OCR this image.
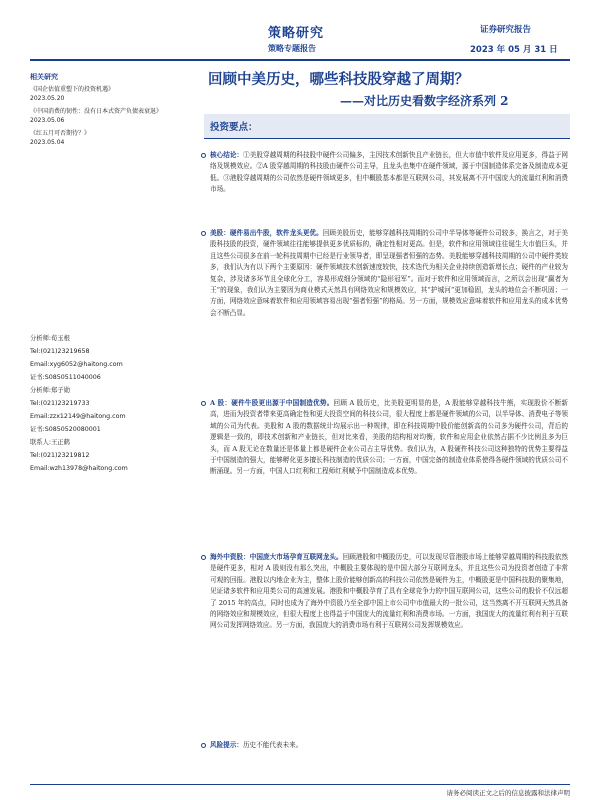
策略研究
策略专题报告
证券研究报告
2023 年 05 月 31 日
相关研究
《国企估值重塑下的投资机遇》
2023.05.20
《中国消费的韧性：没有日本式资产负债表衰退》
2023.05.06
《红五月可否期待？》
2023.05.04
分析师:荀玉根
Tel:(021)23219658
Email:xyg6052@haitong.com
证书:S0850511040006
分析师:郑子勋
Tel:(021)23219733
Email:zzx12149@haitong.com
证书:S0850520080001
联系人:王正鹤
Tel:(021)23219812
Email:wzh13978@haitong.com
回顾中美历史，哪些科技股穿越了周期？
——对比历史看数字经济系列 2
投资要点：
核心结论：①美股穿越周期的科技股中硬件公司偏多，主因技术创新快且产业链长，但大市值中软件及应用更多，得益于网络及规模效应。②A 股穿越周期的科技股由硬件公司主导，且龙头也集中在硬件领域，源于中国制造体系完备及制造成本更低。③港股穿越周期的公司依然是硬件领域更多，但中概股基本都是互联网公司，其发展离不开中国庞大的流量红利和消费市场。
美股：硬件易出牛股，软件龙头更优。回顾美股历史，能够穿越科技周期的公司中半导体等硬件公司较多，换言之，对于美股科技股的投资，硬件领域往往能够提供更多优质标的，确定性相对更高。但是，软件和应用领域往往诞生大市值巨头，并且这些公司很多在前一轮科技周期中已经是行业领导者，即呈现强者恒强的态势。美股能够穿越科技周期的公司中硬件类较多，我们认为有以下两个主要原因：硬件领域技术创新速度较快，技术迭代为相关企业持续创造新增长点；硬件的产业较为复杂，涉及诸多环节且全球化分工，容易形成细分领域的“隐形冠军”。而对于软件和应用领域而言，之所以会出现“赢者为王”的现象，我们认为主要因为商业模式天然具有网络效应和规模效应，其“护城河”更加稳固，龙头的地位会不断巩固；一方面，网络效应意味着软件和应用领域容易出现“强者恒强”的格局。另一方面，规模效应意味着软件和应用龙头的成本优势会不断凸显。
A 股：硬件牛股更出源于中国制造优势。回顾 A 股历史，比美股更明显的是，A 股能够穿越科技牛熊，实现股价不断新高，进而为投资者带来更高确定性和更大投资空间的科技公司，很大程度上都是硬件领域的公司，以半导体、消费电子等领域的公司为代表。美股和 A 股的数据统计均展示出一种规律，即在科技周期中股价能创新高的公司多为硬件公司，背后的逻辑是一致的，即技术创新和产业链长，但对比来看，美股的结构相对均衡，软件和应用企业依然占据不少比例且多为巨头，而 A 股无论在数量还是体量上都是硬件企业公司占主导优势。我们认为，A 股硬件科技公司这种独特的优势主要得益于中国制造的强大，能够孵化更多擅长科技制造的优质公司；一方面，中国完备的制造业体系使得各硬件领域的优质公司不断涌现。另一方面，中国人口红利和工程师红利赋予中国制造成本优势。
海外中资股：中国庞大市场孕育互联网龙头。回顾港股和中概股历史，可以发现尽管港股市场上能够穿越周期的科技股依然是硬件更多，相对 A 股则没有那么突出，中概股主要体现的是中国大部分互联网龙头，并且这些公司为投资者创造了非常可观的回报。港股以内地企业为主，整体上股价能够创新高的科技公司依然是硬件为主，中概股更是中国科技股的聚集地，见证诸多软件和应用类公司的高速发展。港股和中概股孕育了具有全球竞争力的中国互联网公司，这些公司的股价不仅远超了 2015 年的高点，同时也成为了海外中资股乃至全部中国上市公司中市值最大的一批公司，这当然离不开互联网天然具备的网络效应和规模效应，但很大程度上也得益于中国庞大的流量红利和消费市场。一方面，我国庞大的流量红利有利于互联网公司发挥网络效应。另一方面，我国庞大的消费市场有利于互联网公司发挥规模效应。
风险提示：历史不能代表未来。
请务必阅读正文之后的信息披露和法律声明
